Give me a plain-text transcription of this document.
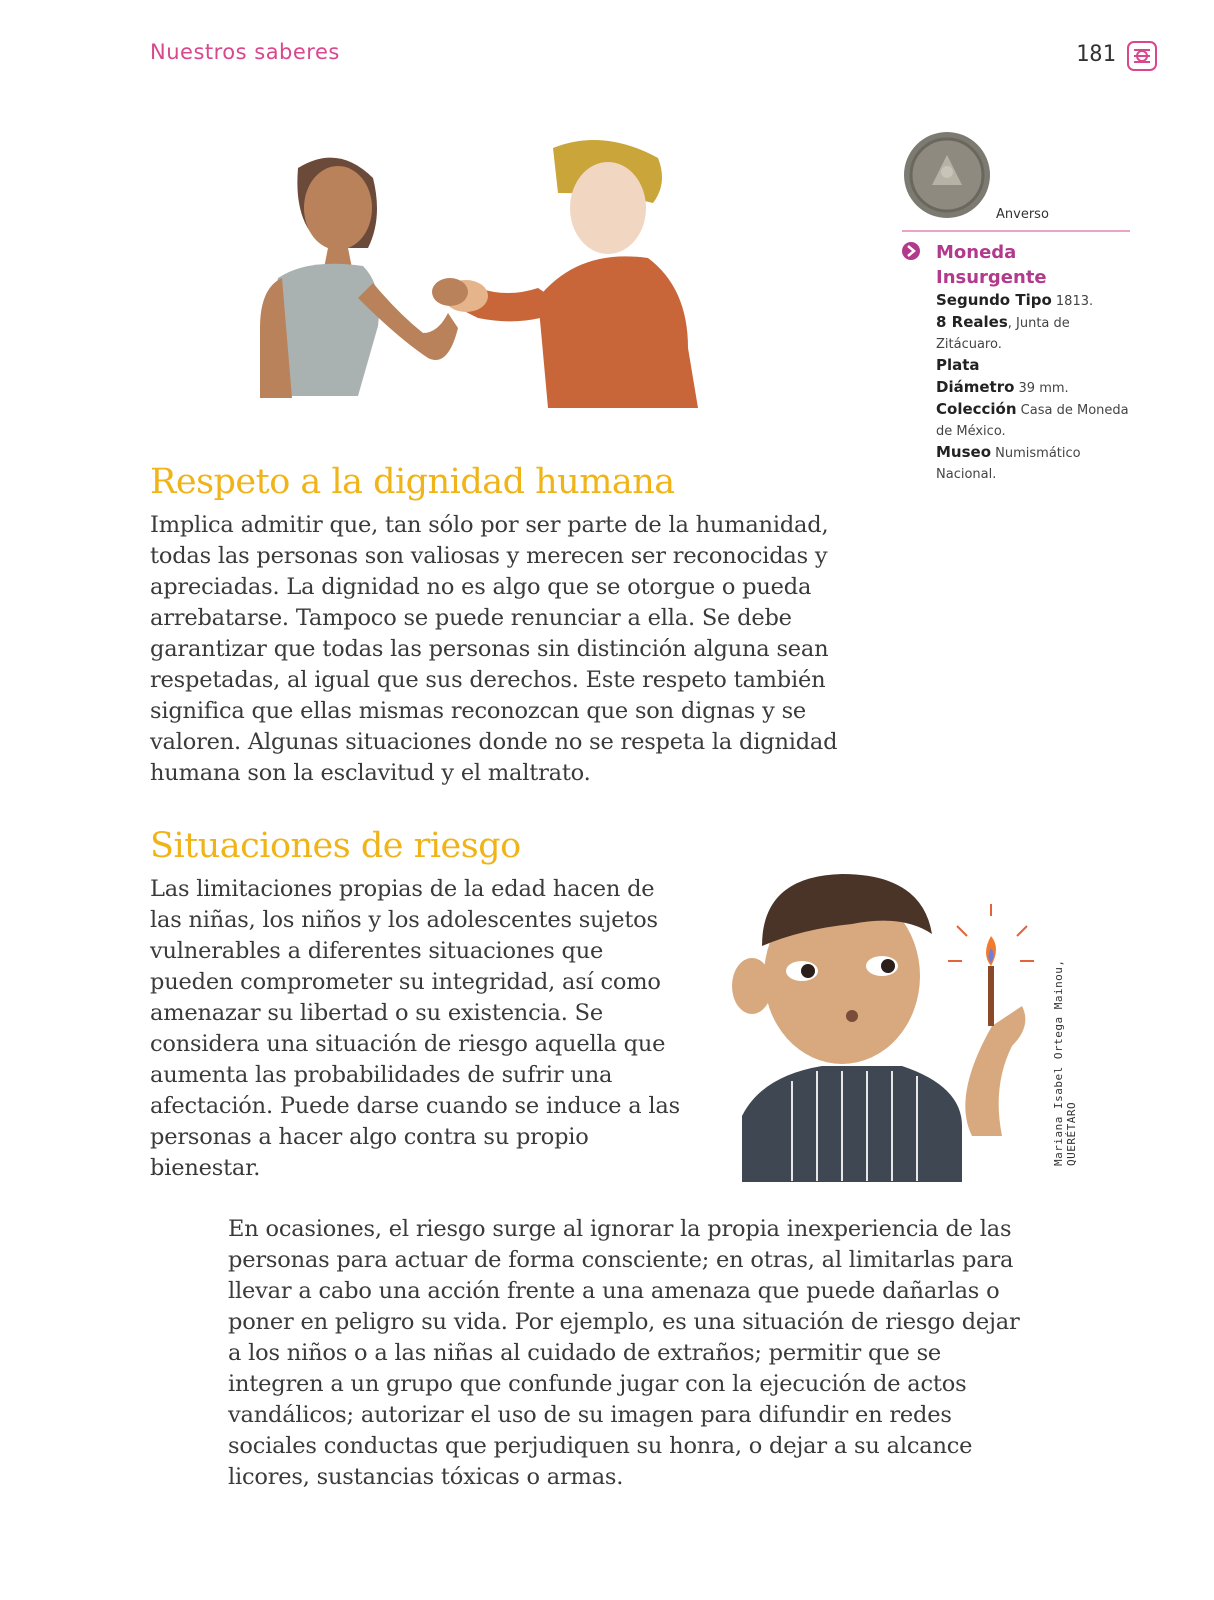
Nuestros saberes	181
Anverso
Moneda
Insurgente
Segundo Tipo 1813.
8 Reales, Junta de Zitácuaro.
Plata
Diámetro 39 mm.
Colección Casa de Moneda de México.
Museo Numismático Nacional.
Respeto a la dignidad humana

Implica admitir que, tan sólo por ser parte de la humanidad, todas las personas son valiosas y merecen ser reconocidas y apreciadas. La dignidad no es algo que se otorgue o pueda arrebatarse. Tampoco se puede renunciar a ella. Se debe garantizar que todas las personas sin distinción alguna sean respetadas, al igual que sus derechos. Este respeto también significa que ellas mismas reconozcan que son dignas y se valoren. Algunas situaciones donde no se respeta la dignidad humana son la esclavitud y el maltrato.

Situaciones de riesgo

Las limitaciones propias de la edad hacen de las niñas, los niños y los adolescentes sujetos vulnerables a diferentes situaciones que pueden comprometer su integridad, así como amenazar su libertad o su existencia. Se considera una situación de riesgo aquella que aumenta las probabilidades de sufrir una afectación. Puede darse cuando se induce a las personas a hacer algo contra su propio bienestar.

Mariana Isabel Ortega Mainou, QUERÉTARO

En ocasiones, el riesgo surge al ignorar la propia inexperiencia de las personas para actuar de forma consciente; en otras, al limitarlas para llevar a cabo una acción frente a una amenaza que puede dañarlas o poner en peligro su vida. Por ejemplo, es una situación de riesgo dejar a los niños o a las niñas al cuidado de extraños; permitir que se integren a un grupo que confunde jugar con la ejecución de actos vandálicos; autorizar el uso de su imagen para difundir en redes sociales conductas que perjudiquen su honra, o dejar a su alcance licores, sustancias tóxicas o armas.
